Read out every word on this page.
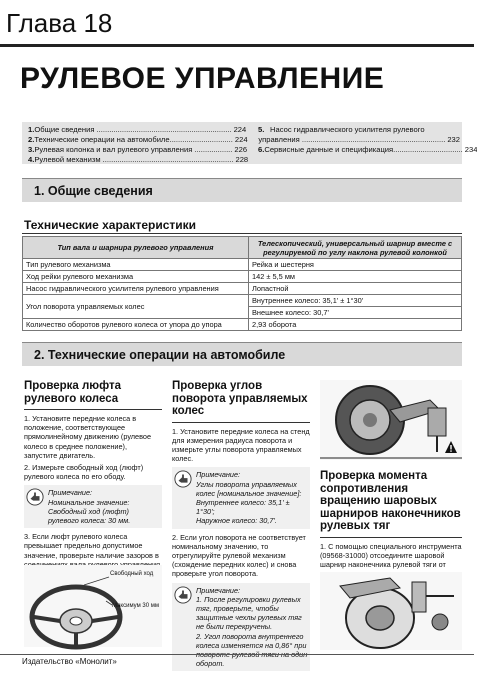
Глава 18
РУЛЕВОЕ УПРАВЛЕНИЕ
1. Общие сведения ................................................................ 224
2. Технические операции на автомобиле.............................. 224
3. Рулевая колонка и вал рулевого управления .................. 226
4. Рулевой механизм .............................................................. 228
5. Насос гидравлического усилителя рулевого
управления .................................................................... 232
6. Сервисные данные и спецификация................................. 234
1. Общие сведения
Технические характеристики
Тип вала и шарнира рулевого управления	Телескопический, универсальный шарнир вместе с регулируемой по углу наклона рулевой колонкой
Тип рулевого механизма	Рейка и шестерня
Ход рейки рулевого механизма	142 ± 5,5 мм
Насос гидравлического усилителя рулевого управления	Лопастной
Угол поворота управляемых колес	Внутреннее колесо: 35,1' ± 1°30'
	Внешнее колесо: 30,7'
Количество оборотов рулевого колеса от упора до упора	2,93 оборота
2. Технические операции на автомобиле
Проверка люфта рулевого колеса

1. Установите передние колеса в положение, соответствующее прямолинейному движению (рулевое колесо в среднее положение), запустите двигатель.

2. Измерьте свободный ход (люфт) рулевого колеса по его ободу.

Примечание:
Номинальное значение:
Свободный ход (люфт) рулевого колеса: 30 мм.

3. Если люфт рулевого колеса превышает предельно допустимое значение, проверьте наличие зазоров в

Свободный ход
Максимум 30 мм
Проверка углов поворота управляемых колес

1. Установите передние колеса на стенд для измерения радиуса поворота и измерьте углы поворота управляемых колес.

Примечание:
Углы поворота управляемых колес [номинальное значение]:
Внутреннее колесо: 35,1' ± 1°30';
Наружное колесо: 30,7'.

2. Если угол поворота не соответствует номинальному значению, то отрегулируйте рулевой механизм (схождение передних колес) и снова проверьте угол поворота.

Примечание:
1. После регулировки рулевых тяг, проверьте, чтобы защитные чехлы рулевых тяг не были перекручены.
2. Угол поворота внутреннего колеса изменяется на 0,86° при повороте рулевой тяги на один оборот.
Проверка момента сопротивления вращению шаровых шарниров наконечников рулевых тяг

1. С помощью специального инструмента (09568-31000) отсоедините шаровой шарнир наконечника рулевой тяги от

Издательство «Монолит»
